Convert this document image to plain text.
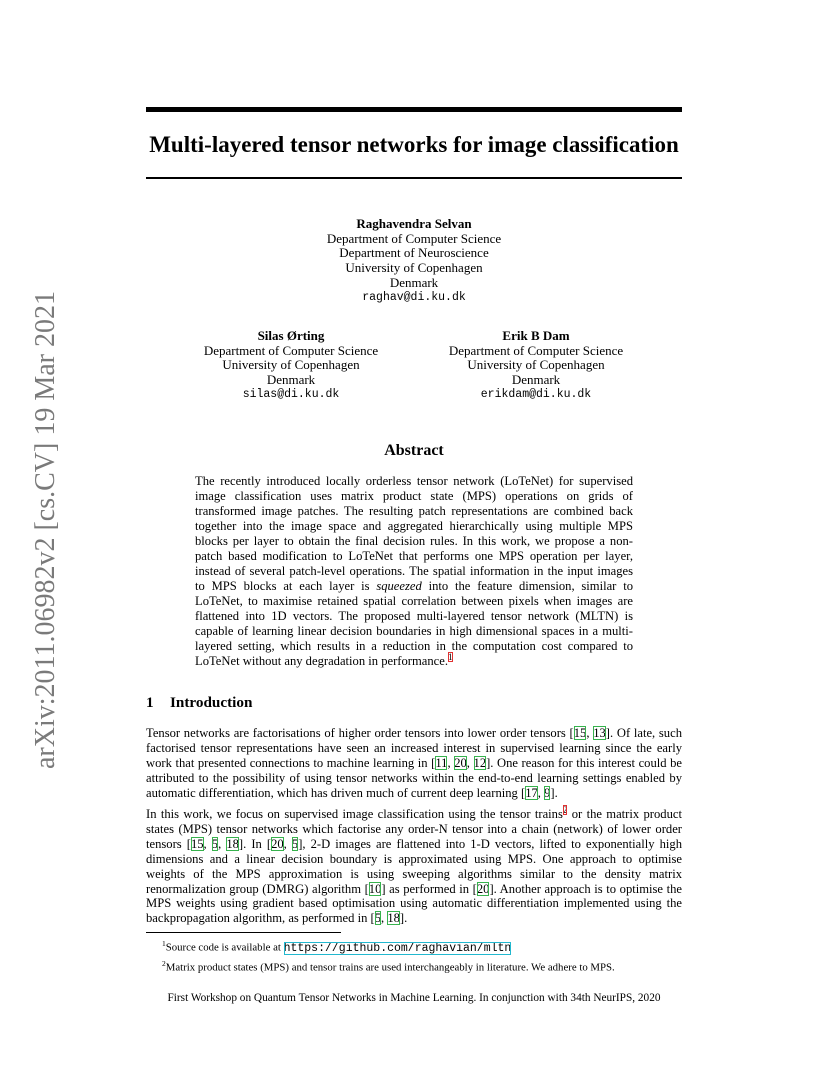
arXiv:2011.06982v2 [cs.CV] 19 Mar 2021
Multi-layered tensor networks for image classification
Raghavendra Selvan
Department of Computer Science
Department of Neuroscience
University of Copenhagen
Denmark
raghav@di.ku.dk
Silas Ørting
Department of Computer Science
University of Copenhagen
Denmark
silas@di.ku.dk
Erik B Dam
Department of Computer Science
University of Copenhagen
Denmark
erikdam@di.ku.dk
Abstract
The recently introduced locally orderless tensor network (LoTeNet) for supervised image classification uses matrix product state (MPS) operations on grids of transformed image patches. The resulting patch representations are combined back together into the image space and aggregated hierarchically using multiple MPS blocks per layer to obtain the final decision rules. In this work, we propose a non-patch based modification to LoTeNet that performs one MPS operation per layer, instead of several patch-level operations. The spatial information in the input images to MPS blocks at each layer is squeezed into the feature dimension, similar to LoTeNet, to maximise retained spatial correlation between pixels when images are flattened into 1D vectors. The proposed multi-layered tensor network (MLTN) is capable of learning linear decision boundaries in high dimensional spaces in a multi-layered setting, which results in a reduction in the computation cost compared to LoTeNet without any degradation in performance.$^1$
1 Introduction
Tensor networks are factorisations of higher order tensors into lower order tensors [15, 13]. Of late, such factorised tensor representations have seen an increased interest in supervised learning since the early work that presented connections to machine learning in [11, 20, 12]. One reason for this interest could be attributed to the possibility of using tensor networks within the end-to-end learning settings enabled by automatic differentiation, which has driven much of current deep learning [17, 9].
In this work, we focus on supervised image classification using the tensor trains$^2$ or the matrix product states (MPS) tensor networks which factorise any order-N tensor into a chain (network) of lower order tensors [15, 5, 18]. In [20, 5], 2-D images are flattened into 1-D vectors, lifted to exponentially high dimensions and a linear decision boundary is approximated using MPS. One approach to optimise weights of the MPS approximation is using sweeping algorithms similar to the density matrix renormalization group (DMRG) algorithm [10] as performed in [20]. Another approach is to optimise the MPS weights using gradient based optimisation using automatic differentiation implemented using the backpropagation algorithm, as performed in [5, 18].

$^1$Source code is available at https://github.com/raghavian/mltn

$^2$Matrix product states (MPS) and tensor trains are used interchangeably in literature. We adhere to MPS.

First Workshop on Quantum Tensor Networks in Machine Learning. In conjunction with 34th NeurIPS, 2020
